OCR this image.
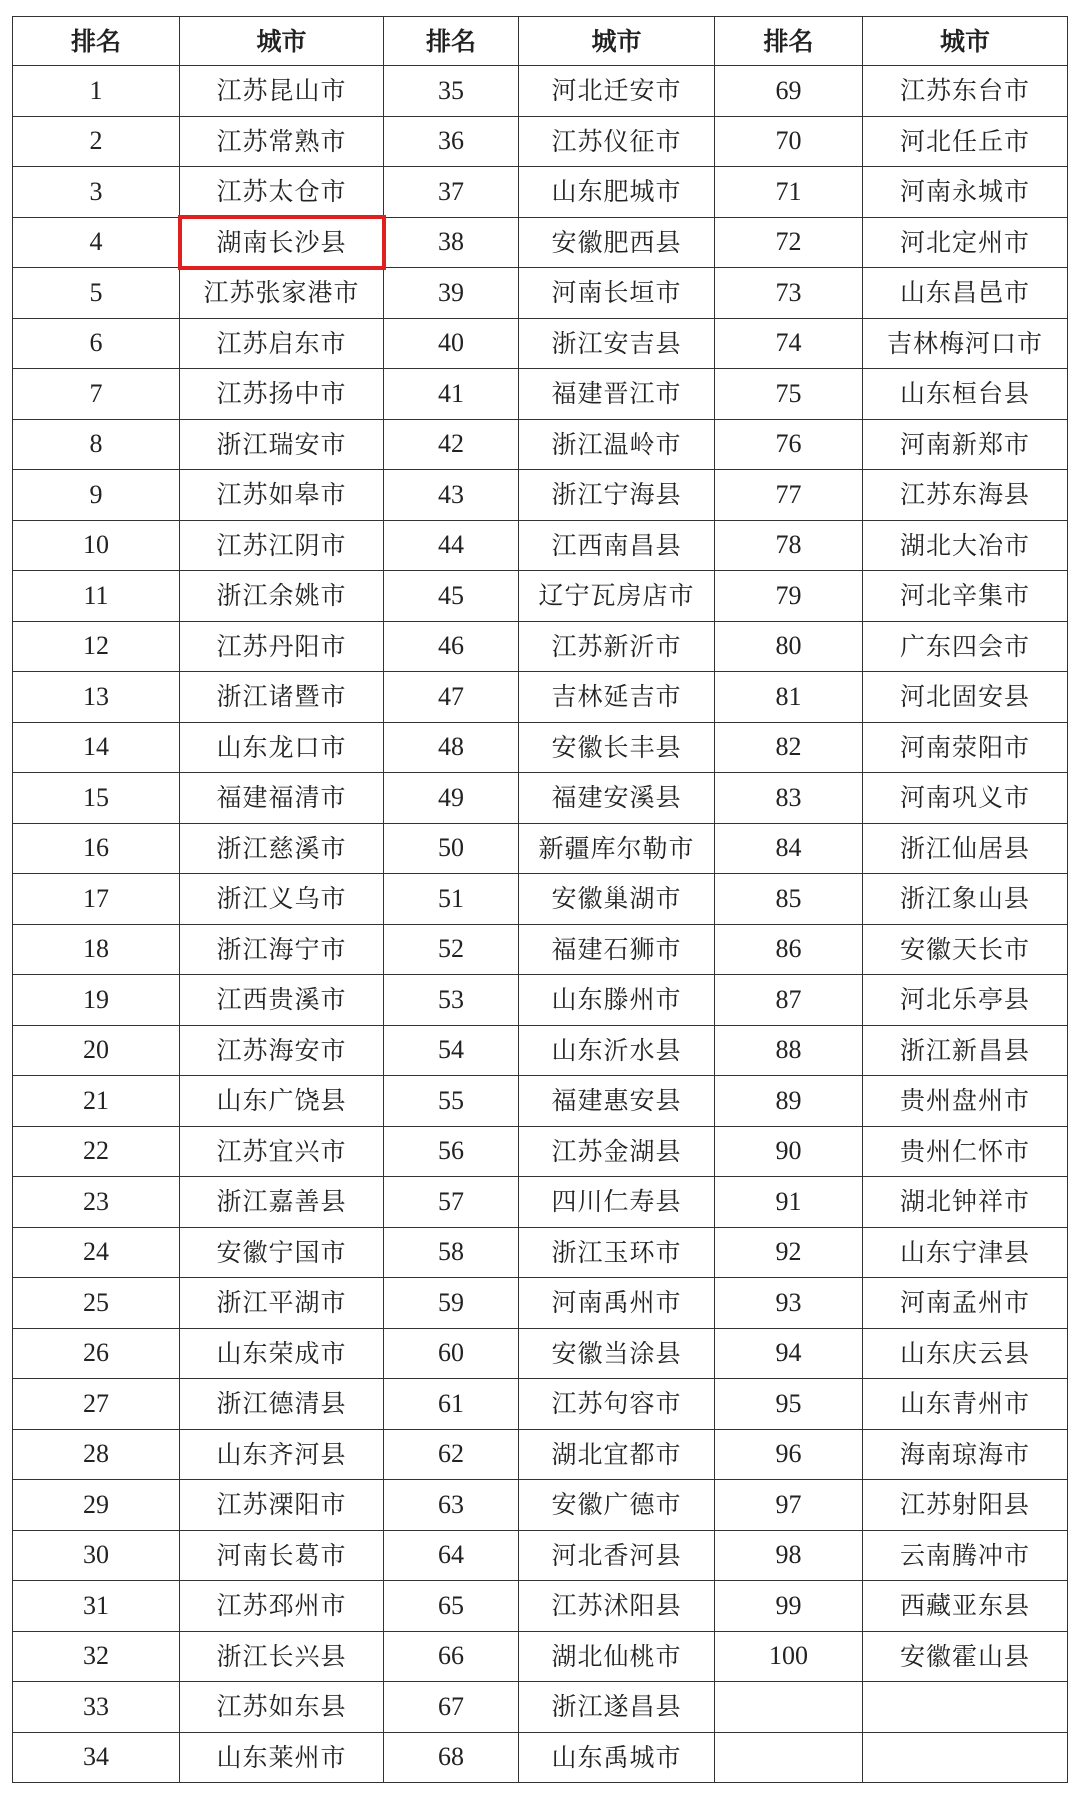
排名	城市	排名	城市	排名	城市
1	江苏昆山市	35	河北迁安市	69	江苏东台市
2	江苏常熟市	36	江苏仪征市	70	河北任丘市
3	江苏太仓市	37	山东肥城市	71	河南永城市
4	湖南长沙县	38	安徽肥西县	72	河北定州市
5	江苏张家港市	39	河南长垣市	73	山东昌邑市
6	江苏启东市	40	浙江安吉县	74	吉林梅河口市
7	江苏扬中市	41	福建晋江市	75	山东桓台县
8	浙江瑞安市	42	浙江温岭市	76	河南新郑市
9	江苏如皋市	43	浙江宁海县	77	江苏东海县
10	江苏江阴市	44	江西南昌县	78	湖北大冶市
11	浙江余姚市	45	辽宁瓦房店市	79	河北辛集市
12	江苏丹阳市	46	江苏新沂市	80	广东四会市
13	浙江诸暨市	47	吉林延吉市	81	河北固安县
14	山东龙口市	48	安徽长丰县	82	河南荥阳市
15	福建福清市	49	福建安溪县	83	河南巩义市
16	浙江慈溪市	50	新疆库尔勒市	84	浙江仙居县
17	浙江义乌市	51	安徽巢湖市	85	浙江象山县
18	浙江海宁市	52	福建石狮市	86	安徽天长市
19	江西贵溪市	53	山东滕州市	87	河北乐亭县
20	江苏海安市	54	山东沂水县	88	浙江新昌县
21	山东广饶县	55	福建惠安县	89	贵州盘州市
22	江苏宜兴市	56	江苏金湖县	90	贵州仁怀市
23	浙江嘉善县	57	四川仁寿县	91	湖北钟祥市
24	安徽宁国市	58	浙江玉环市	92	山东宁津县
25	浙江平湖市	59	河南禹州市	93	河南孟州市
26	山东荣成市	60	安徽当涂县	94	山东庆云县
27	浙江德清县	61	江苏句容市	95	山东青州市
28	山东齐河县	62	湖北宜都市	96	海南琼海市
29	江苏溧阳市	63	安徽广德市	97	江苏射阳县
30	河南长葛市	64	河北香河县	98	云南腾冲市
31	江苏邳州市	65	江苏沭阳县	99	西藏亚东县
32	浙江长兴县	66	湖北仙桃市	100	安徽霍山县
33	江苏如东县	67	浙江遂昌县		
34	山东莱州市	68	山东禹城市		
